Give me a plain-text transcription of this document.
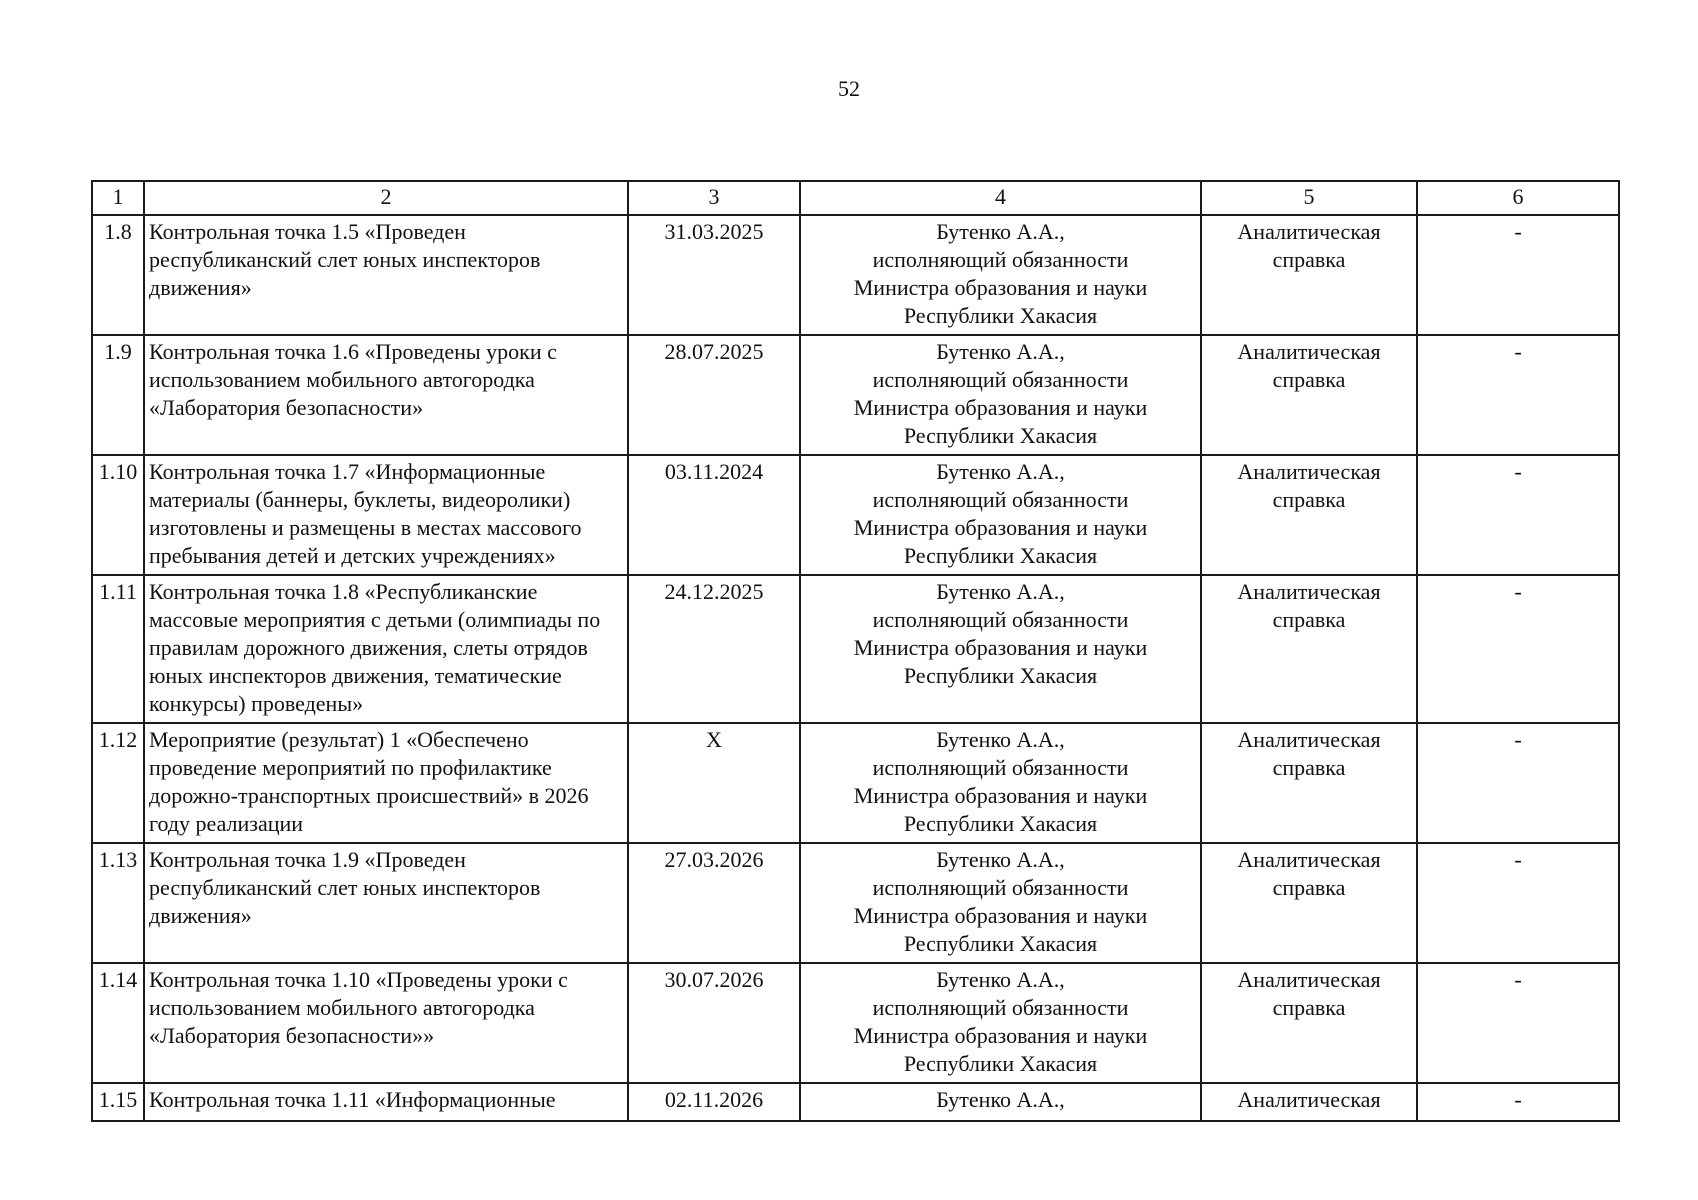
52
1	2	3	4	5	6
1.8	Контрольная точка 1.5 «Проведен республиканский слет юных инспекторов движения»	31.03.2025	Бутенко А.А.,
исполняющий обязанности
Министра образования и науки
Республики Хакасия	Аналитическая справка	-
1.9	Контрольная точка 1.6 «Проведены уроки с использованием мобильного автогородка «Лаборатория безопасности»	28.07.2025	Бутенко А.А.,
исполняющий обязанности
Министра образования и науки
Республики Хакасия	Аналитическая справка	-
1.10	Контрольная точка 1.7 «Информационные материалы (баннеры, буклеты, видеоролики) изготовлены и размещены в местах массового пребывания детей и детских учреждениях»	03.11.2024	Бутенко А.А.,
исполняющий обязанности
Министра образования и науки
Республики Хакасия	Аналитическая справка	-
1.11	Контрольная точка 1.8 «Республиканские массовые мероприятия с детьми (олимпиады по правилам дорожного движения, слеты отрядов юных инспекторов движения, тематические конкурсы) проведены»	24.12.2025	Бутенко А.А.,
исполняющий обязанности
Министра образования и науки
Республики Хакасия	Аналитическая справка	-
1.12	Мероприятие (результат) 1 «Обеспечено проведение мероприятий по профилактике дорожно-транспортных происшествий» в 2026 году реализации	X	Бутенко А.А.,
исполняющий обязанности
Министра образования и науки
Республики Хакасия	Аналитическая справка	-
1.13	Контрольная точка 1.9 «Проведен республиканский слет юных инспекторов движения»	27.03.2026	Бутенко А.А.,
исполняющий обязанности
Министра образования и науки
Республики Хакасия	Аналитическая справка	-
1.14	Контрольная точка 1.10 «Проведены уроки с использованием мобильного автогородка «Лаборатория безопасности»»	30.07.2026	Бутенко А.А.,
исполняющий обязанности
Министра образования и науки
Республики Хакасия	Аналитическая справка	-
1.15	Контрольная точка 1.11 «Информационные	02.11.2026	Бутенко А.А.,	Аналитическая	-
